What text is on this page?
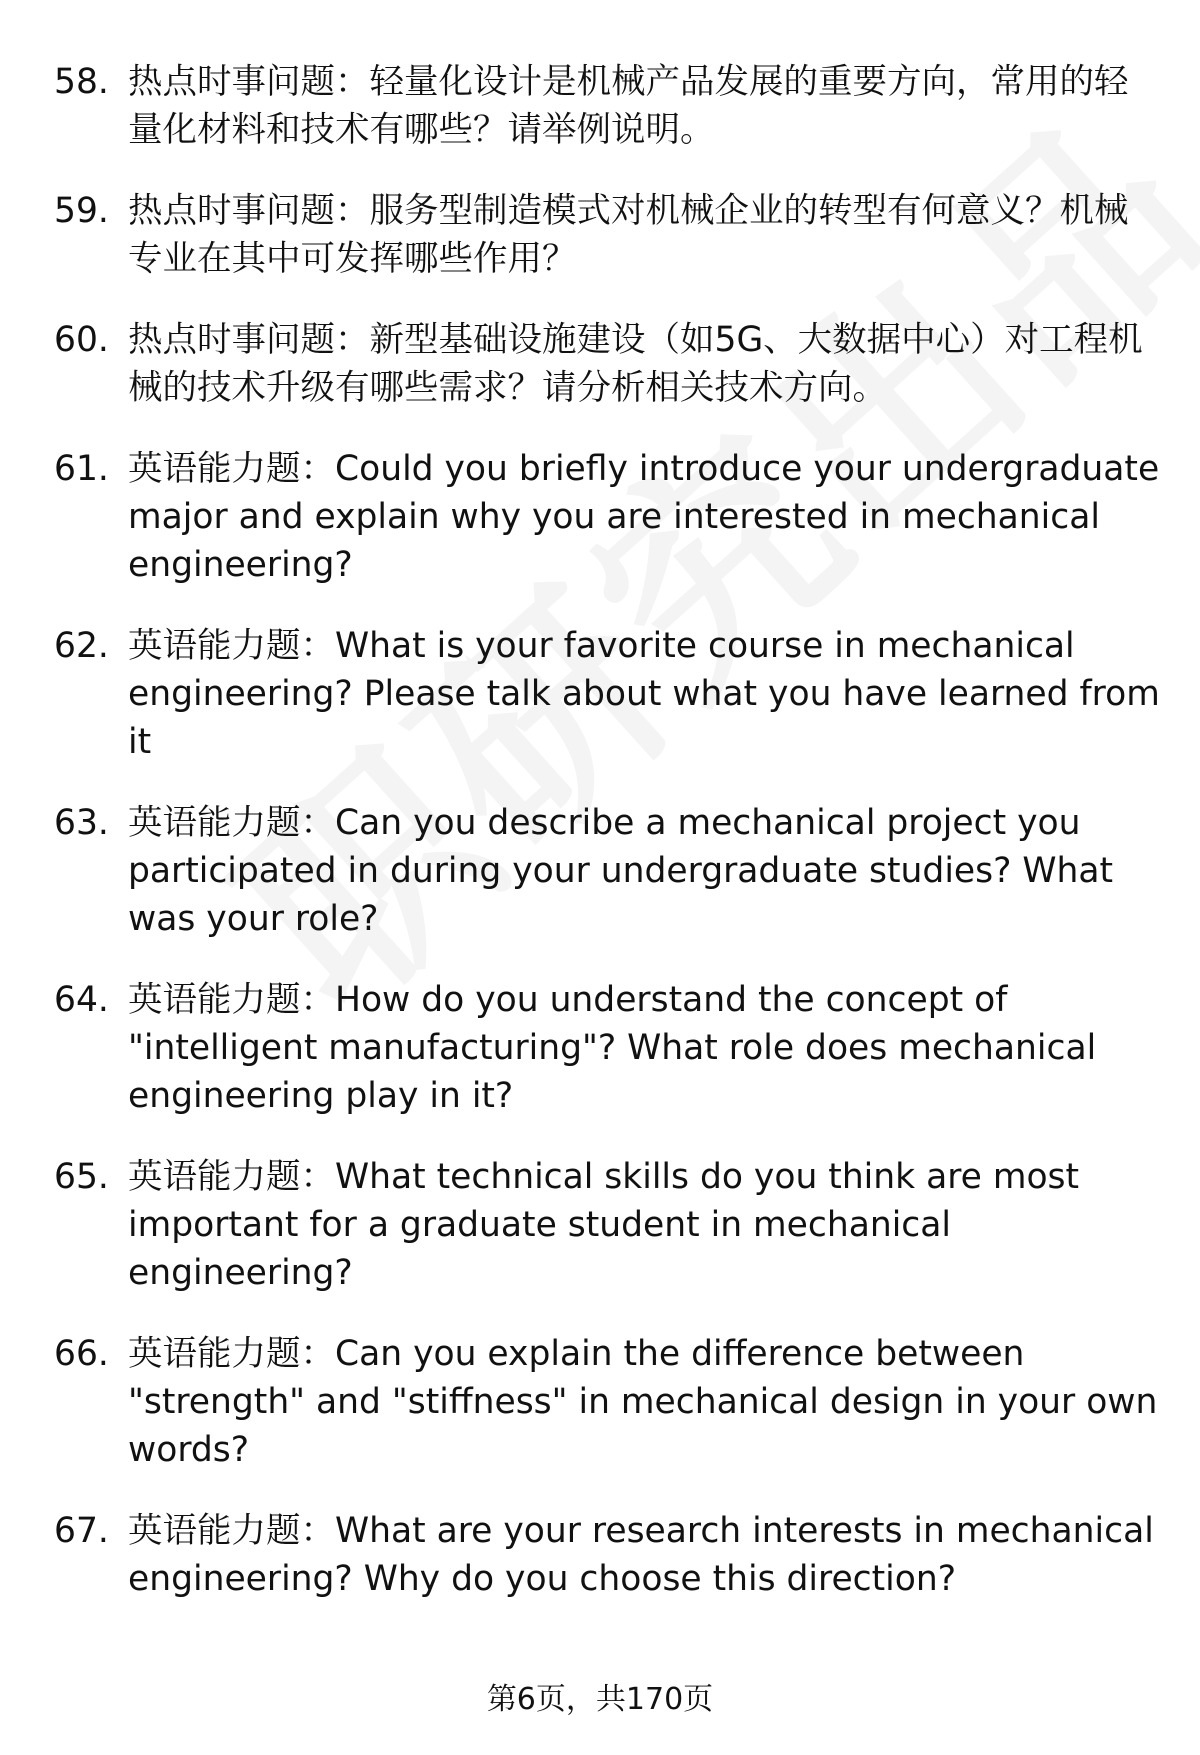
58. 热点时事问题：轻量化设计是机械产品发展的重要方向，常用的轻量化材料和技术有哪些？请举例说明。
59. 热点时事问题：服务型制造模式对机械企业的转型有何意义？机械专业在其中可发挥哪些作用？
60. 热点时事问题：新型基础设施建设（如5G、大数据中心）对工程机械的技术升级有哪些需求？请分析相关技术方向。
61. 英语能力题：Could you briefly introduce your undergraduate major and explain why you are interested in mechanical engineering?
62. 英语能力题：What is your favorite course in mechanical engineering? Please talk about what you have learned from it
63. 英语能力题：Can you describe a mechanical project you participated in during your undergraduate studies? What was your role?
64. 英语能力题：How do you understand the concept of "intelligent manufacturing"? What role does mechanical engineering play in it?
65. 英语能力题：What technical skills do you think are most important for a graduate student in mechanical engineering?
66. 英语能力题：Can you explain the difference between "strength" and "stiffness" in mechanical design in your own words?
67. 英语能力题：What are your research interests in mechanical engineering? Why do you choose this direction?
第6页，共170页
